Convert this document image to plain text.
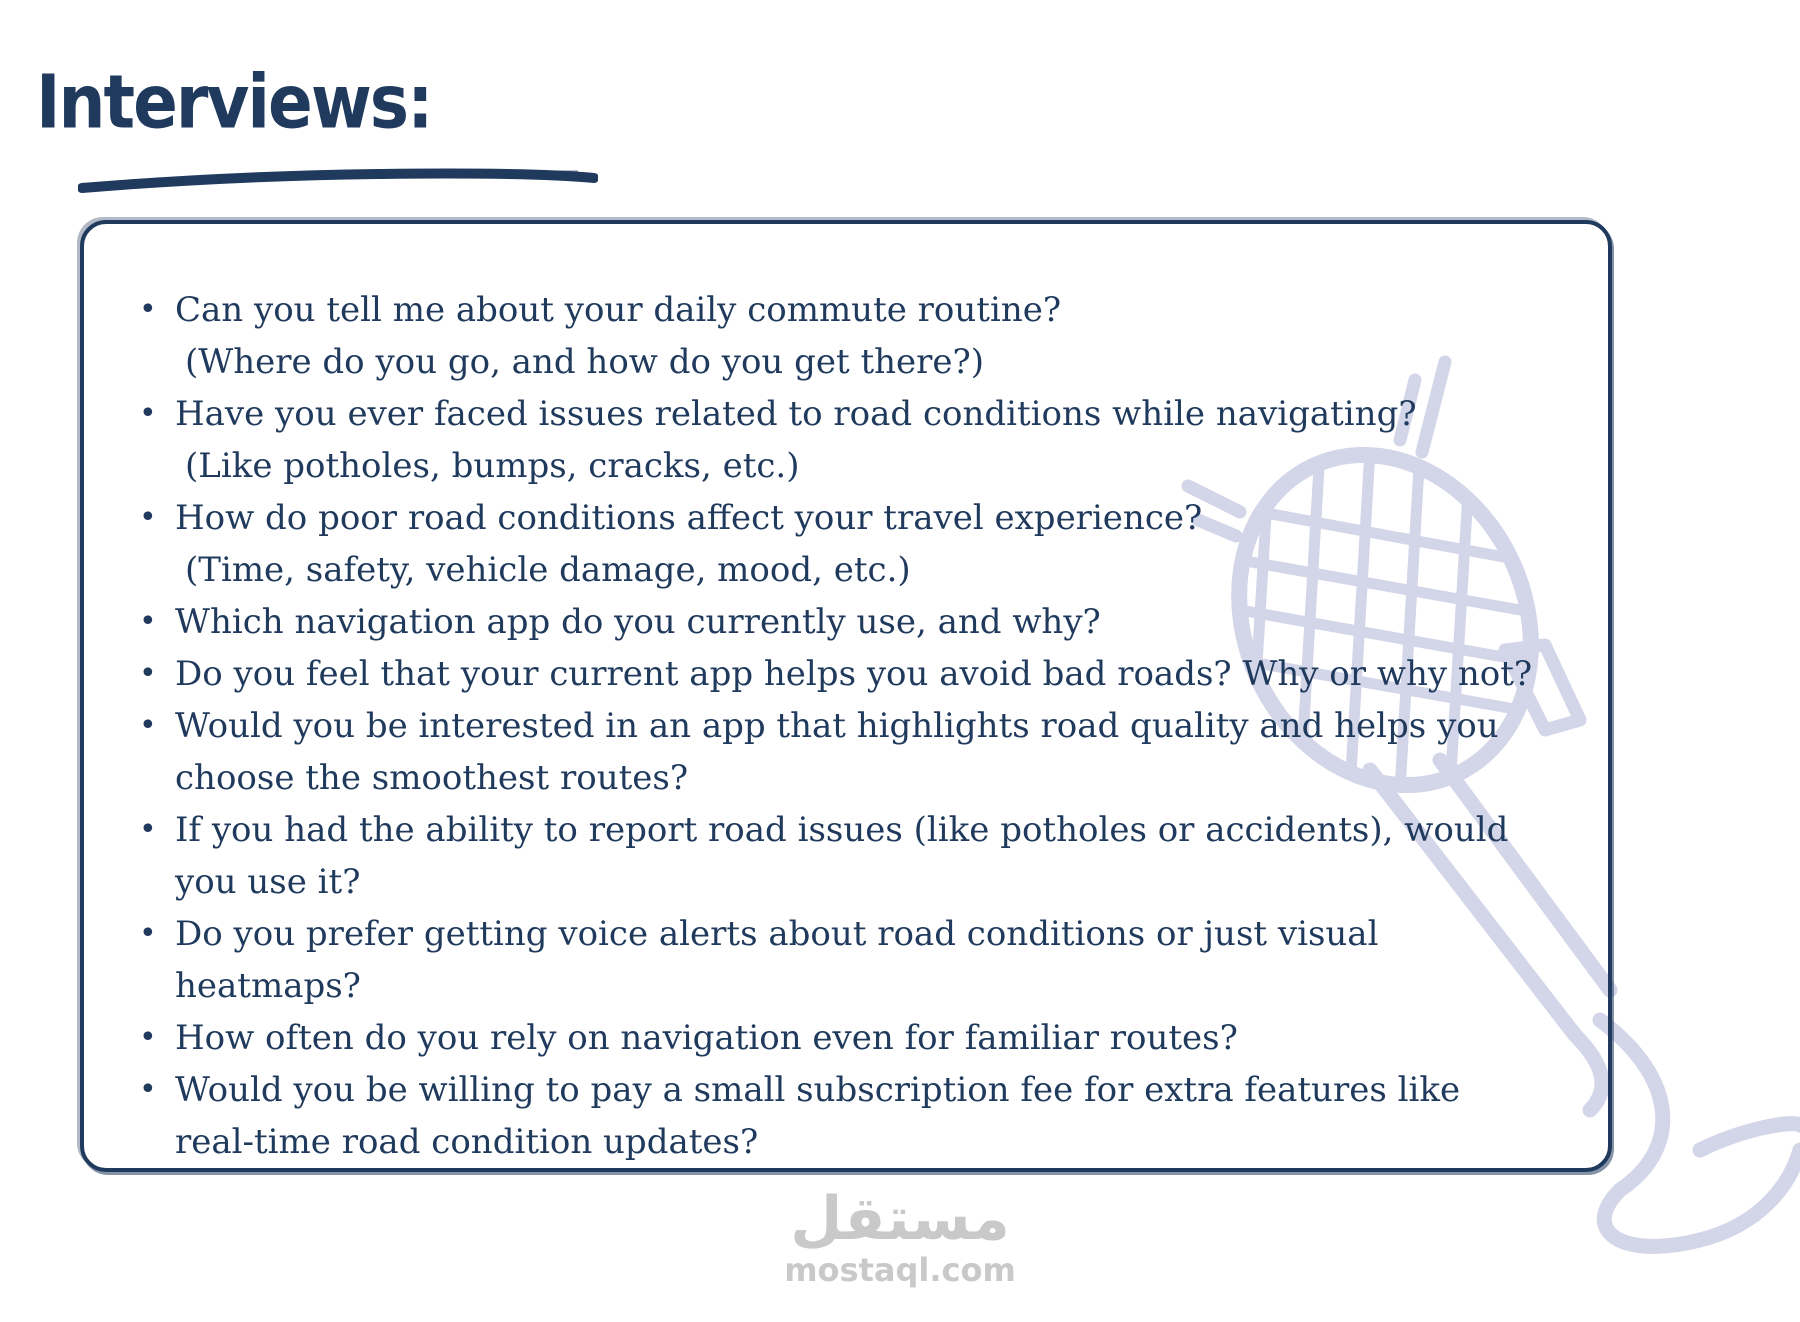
Interviews:
• Can you tell me about your daily commute routine?
(Where do you go, and how do you get there?)
• Have you ever faced issues related to road conditions while navigating?
(Like potholes, bumps, cracks, etc.)
• How do poor road conditions affect your travel experience?
(Time, safety, vehicle damage, mood, etc.)
• Which navigation app do you currently use, and why?
• Do you feel that your current app helps you avoid bad roads? Why or why not?
• Would you be interested in an app that highlights road quality and helps you choose the smoothest routes?
• If you had the ability to report road issues (like potholes or accidents), would you use it?
• Do you prefer getting voice alerts about road conditions or just visual heatmaps?
• How often do you rely on navigation even for familiar routes?
• Would you be willing to pay a small subscription fee for extra features like real-time road condition updates?
مستقل
mostaql.com
